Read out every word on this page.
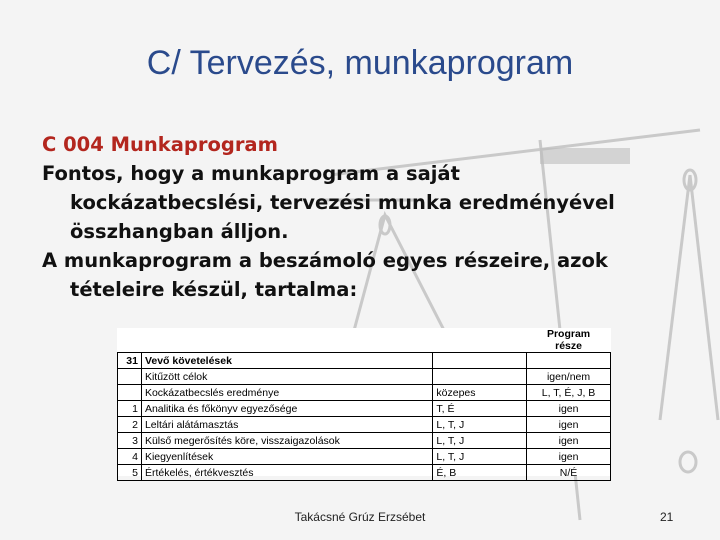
C/ Tervezés, munkaprogram

C 004 Munkaprogram

Fontos, hogy a munkaprogram a saját

kockázatbecslési, tervezési munka eredményével

összhangban álljon.

A munkaprogram a beszámoló egyes részeire, azok

tételeire készül, tartalma:

			Program
része
31	Vevő követelések		
	Kitűzött célok		igen/nem
	Kockázatbecslés eredménye	közepes	L, T, É, J, B
1	Analitika és főkönyv egyezősége	T, É	igen
2	Leltári alátámasztás	L, T, J	igen
3	Külső megerősítés köre, visszaigazolások	L, T, J	igen
4	Kiegyenlítések	L, T, J	igen
5	Értékelés, értékvesztés	É, B	N/É
Takácsné Grúz Erzsébet	21
